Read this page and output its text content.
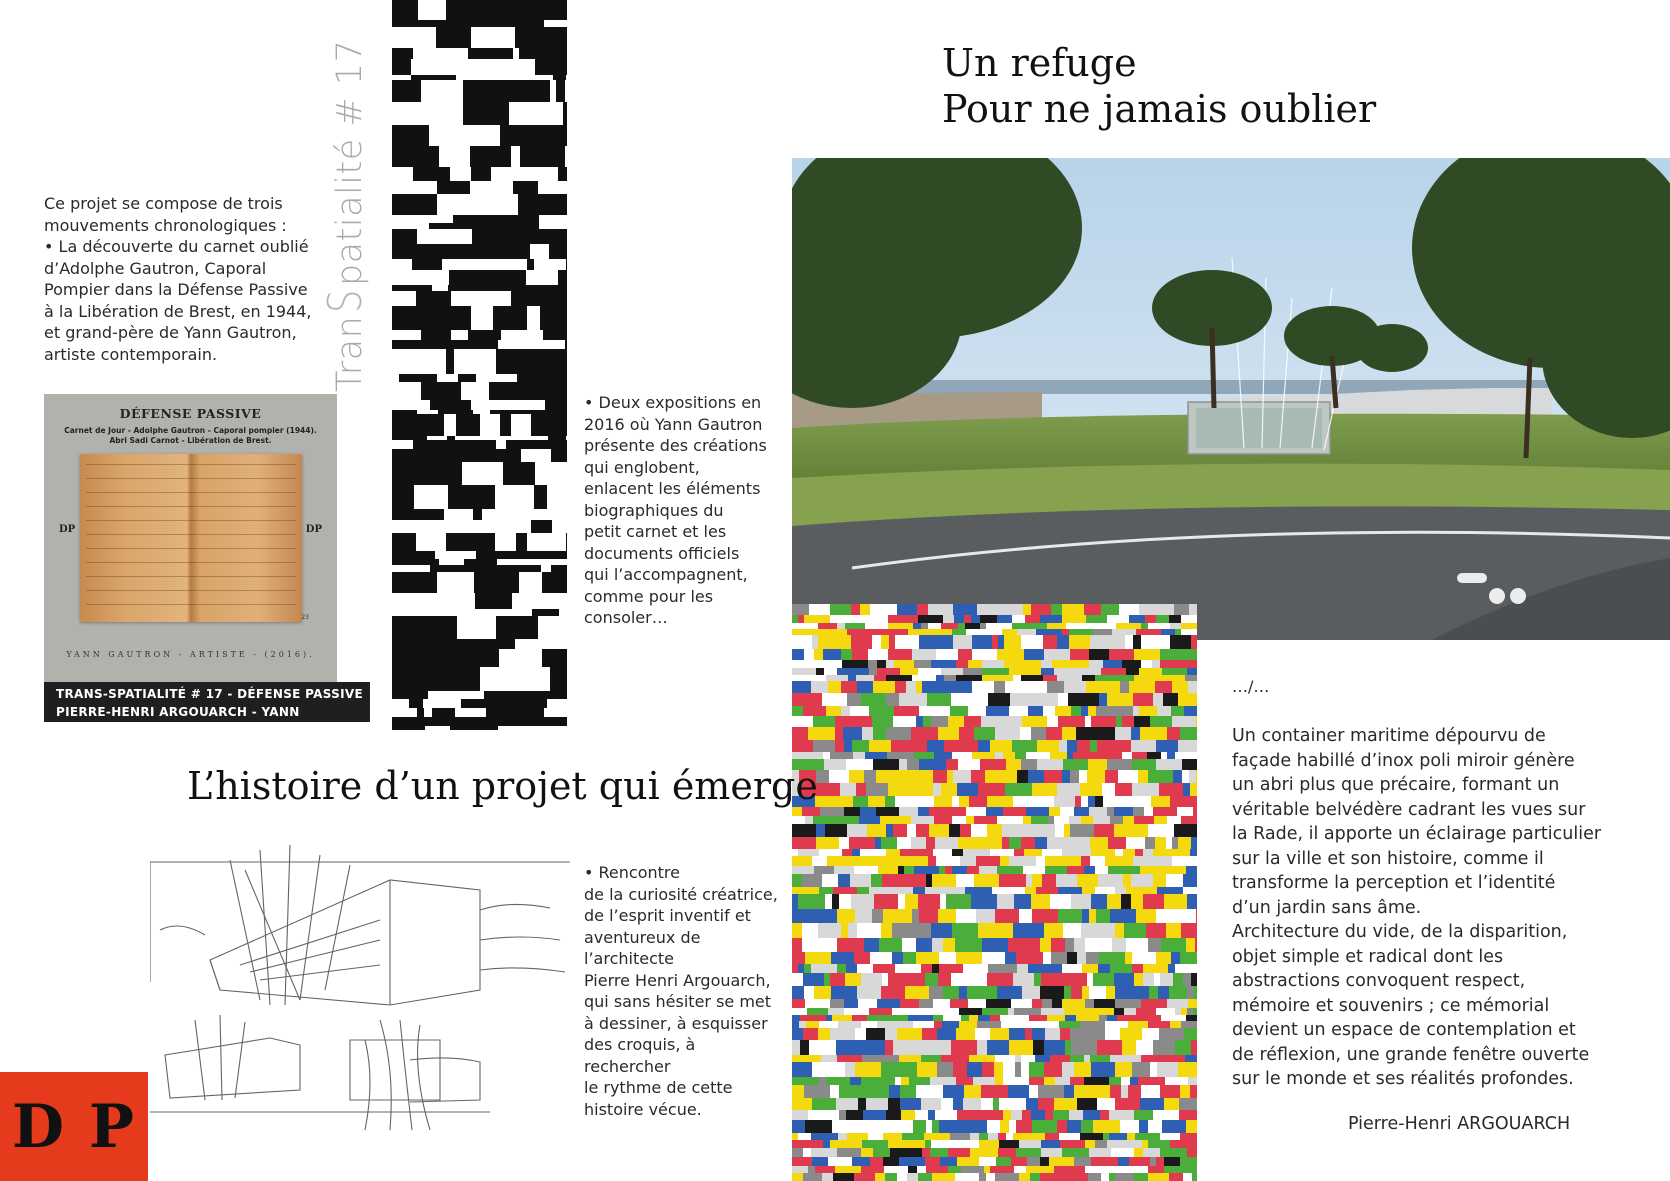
TranSpatialité # 17
Ce projet se compose de trois
mouvements chronologiques :
• La découverte du carnet oublié
d’Adolphe Gautron, Caporal
Pompier dans la Défense Passive
à la Libération de Brest, en 1944,
et grand-père de Yann Gautron,
artiste contemporain.
DÉFENSE PASSIVE
Carnet de Jour - Adolphe Gautron - Caporal pompier (1944).
Abri Sadi Carnot - Libération de Brest.
DP	DP
23
YANN GAUTRON - ARTISTE - (2016).
TRANS-SPATIALITÉ # 17 - DÉFENSE PASSIVE
PIERRE-HENRI ARGOUARCH - YANN GAUTRON.
• Deux expositions en
2016 où Yann Gautron
présente des créations
qui englobent,
enlacent les éléments
biographiques du
petit carnet et les
documents officiels
qui l’accompagnent,
comme pour les
consoler…
Un refuge
Pour ne jamais oublier
L’histoire d’un projet qui émerge
• Rencontre
de la curiosité créatrice,
de l’esprit inventif et
aventureux de l’architecte
Pierre Henri Argouarch,
qui sans hésiter se met
à dessiner, à esquisser
des croquis, à rechercher
le rythme de cette
histoire vécue.
…/…
Un container maritime dépourvu de
façade habillé d’inox poli miroir génère
un abri plus que précaire, formant un
véritable belvédère cadrant les vues sur
la Rade, il apporte un éclairage particulier
sur la ville et son histoire, comme il
transforme la perception et l’identité
d’un jardin sans âme.
Architecture du vide, de la disparition,
objet simple et radical dont les
abstractions convoquent respect,
mémoire et souvenirs ; ce mémorial
devient un espace de contemplation et
de réflexion, une grande fenêtre ouverte
sur le monde et ses réalités profondes.
Pierre-Henri ARGOUARCH
D P
